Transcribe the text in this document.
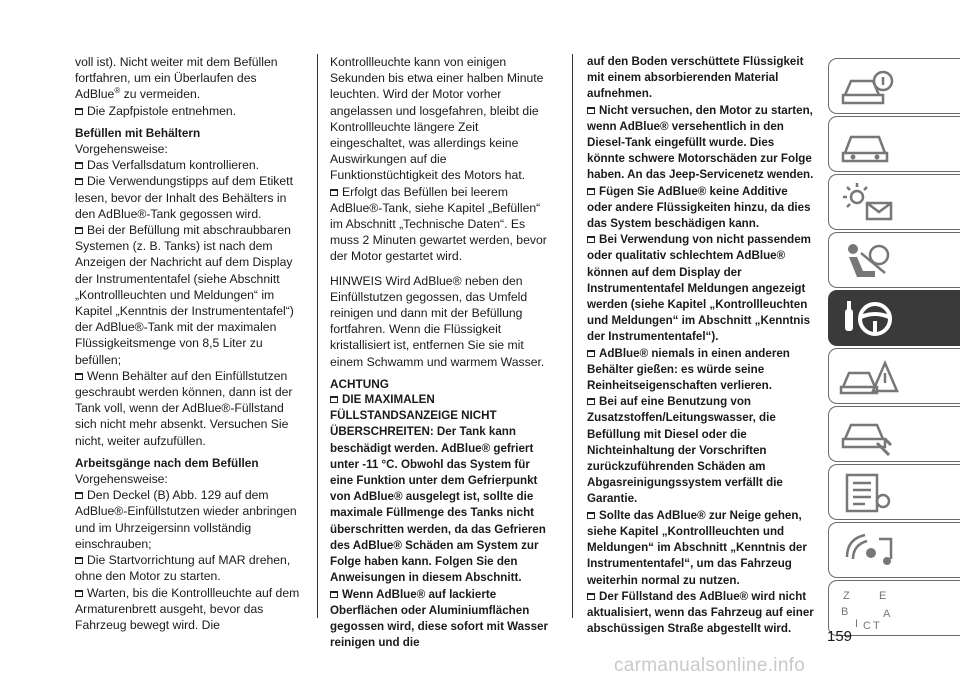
voll ist). Nicht weiter mit dem Befüllen fortfahren, um ein Überlaufen des AdBlue® zu vermeiden.

Die Zapfpistole entnehmen.

Befüllen mit Behältern

Vorgehensweise:

Das Verfallsdatum kontrollieren.

Die Verwendungstipps auf dem Etikett lesen, bevor der Inhalt des Behälters in den AdBlue®-Tank gegossen wird.

Bei der Befüllung mit abschraubbaren Systemen (z. B. Tanks) ist nach dem Anzeigen der Nachricht auf dem Display der Instrumententafel (siehe Abschnitt „Kontrollleuchten und Meldungen“ im Kapitel „Kenntnis der Instrumententafel“) der AdBlue®-Tank mit der maximalen Flüssigkeitsmenge von 8,5 Liter zu befüllen;

Wenn Behälter auf den Einfüllstutzen geschraubt werden können, dann ist der Tank voll, wenn der AdBlue®-Füllstand sich nicht mehr absenkt. Versuchen Sie nicht, weiter aufzufüllen.

Arbeitsgänge nach dem Befüllen

Vorgehensweise:

Den Deckel (B) Abb. 129 auf dem AdBlue®-Einfüllstutzen wieder anbringen und im Uhrzeigersinn vollständig einschrauben;

Die Startvorrichtung auf MAR drehen, ohne den Motor zu starten.

Warten, bis die Kontrollleuchte auf dem Armaturenbrett ausgeht, bevor das Fahrzeug bewegt wird. Die

Kontrollleuchte kann von einigen Sekunden bis etwa einer halben Minute leuchten. Wird der Motor vorher angelassen und losgefahren, bleibt die Kontrollleuchte längere Zeit eingeschaltet, was allerdings keine Auswirkungen auf die Funktionstüchtigkeit des Motors hat.

Erfolgt das Befüllen bei leerem AdBlue®-Tank, siehe Kapitel „Befüllen“ im Abschnitt „Technische Daten“. Es muss 2 Minuten gewartet werden, bevor der Motor gestartet wird.

HINWEIS Wird AdBlue® neben den Einfüllstutzen gegossen, das Umfeld reinigen und dann mit der Befüllung fortfahren. Wenn die Flüssigkeit kristallisiert ist, entfernen Sie sie mit einem Schwamm und warmem Wasser.

ACHTUNG

DIE MAXIMALEN FÜLLSTANDSANZEIGE NICHT ÜBERSCHREITEN: Der Tank kann beschädigt werden. AdBlue® gefriert unter -11 °C. Obwohl das System für eine Funktion unter dem Gefrierpunkt von AdBlue® ausgelegt ist, sollte die maximale Füllmenge des Tanks nicht überschritten werden, da das Gefrieren des AdBlue® Schäden am System zur Folge haben kann. Folgen Sie den Anweisungen in diesem Abschnitt.

Wenn AdBlue® auf lackierte Oberflächen oder Aluminiumflächen gegossen wird, diese sofort mit Wasser reinigen und die

auf den Boden verschüttete Flüssigkeit mit einem absorbierenden Material aufnehmen.

Nicht versuchen, den Motor zu starten, wenn AdBlue® versehentlich in den Diesel-Tank eingefüllt wurde. Dies könnte schwere Motorschäden zur Folge haben. An das Jeep-Servicenetz wenden.

Fügen Sie AdBlue® keine Additive oder andere Flüssigkeiten hinzu, da dies das System beschädigen kann.

Bei Verwendung von nicht passendem oder qualitativ schlechtem AdBlue® können auf dem Display der Instrumententafel Meldungen angezeigt werden (siehe Kapitel „Kontrollleuchten und Meldungen“ im Abschnitt „Kenntnis der Instrumententafel“).

AdBlue® niemals in einen anderen Behälter gießen: es würde seine Reinheitseigenschaften verlieren.

Bei auf eine Benutzung von Zusatzstoffen/Leitungswasser, die Befüllung mit Diesel oder die Nichteinhaltung der Vorschriften zurückzuführenden Schäden am Abgasreinigungssystem verfällt die Garantie.

Sollte das AdBlue® zur Neige gehen, siehe Kapitel „Kontrollleuchten und Meldungen“ im Abschnitt „Kenntnis der Instrumententafel“, um das Fahrzeug weiterhin normal zu nutzen.

Der Füllstand des AdBlue® wird nicht aktualisiert, wenn das Fahrzeug auf einer abschüssigen Straße abgestellt wird.

Z	E
B	A
I C T
159
carmanualsonline.info
